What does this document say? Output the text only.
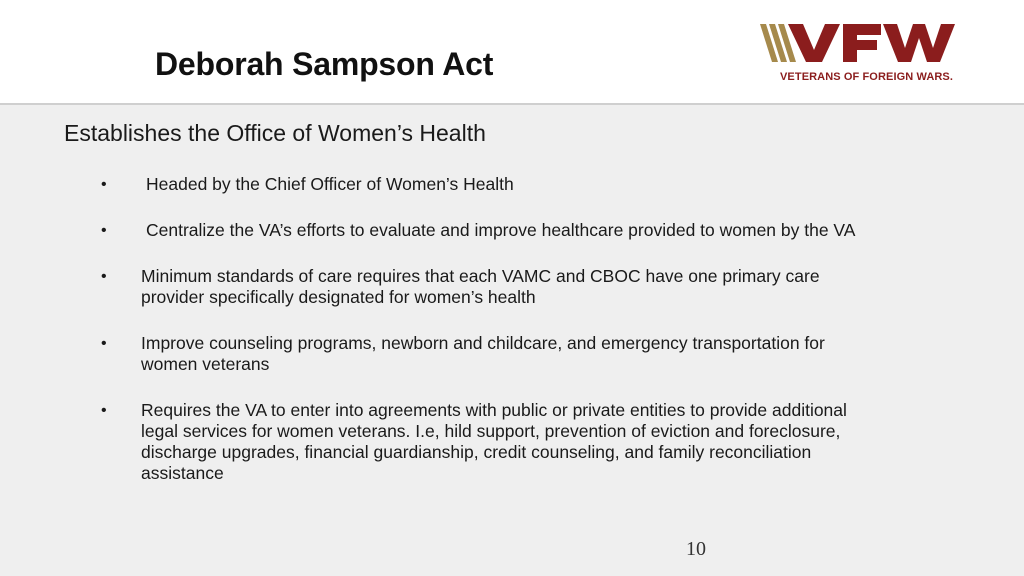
Deborah Sampson Act	VETERANS OF FOREIGN WARS.
Establishes the Office of Women’s Health
• Headed by the Chief Officer of Women’s Health
• Centralize the VA’s efforts to evaluate and improve healthcare provided to women by the VA
• Minimum standards of care requires that each VAMC and CBOC have one primary care
provider specifically designated for women’s health
• Improve counseling programs, newborn and childcare, and emergency transportation for
women veterans
• Requires the VA to enter into agreements with public or private entities to provide additional
legal services for women veterans. I.e, hild support, prevention of eviction and foreclosure,
discharge upgrades, financial guardianship, credit counseling, and family reconciliation
assistance
10
